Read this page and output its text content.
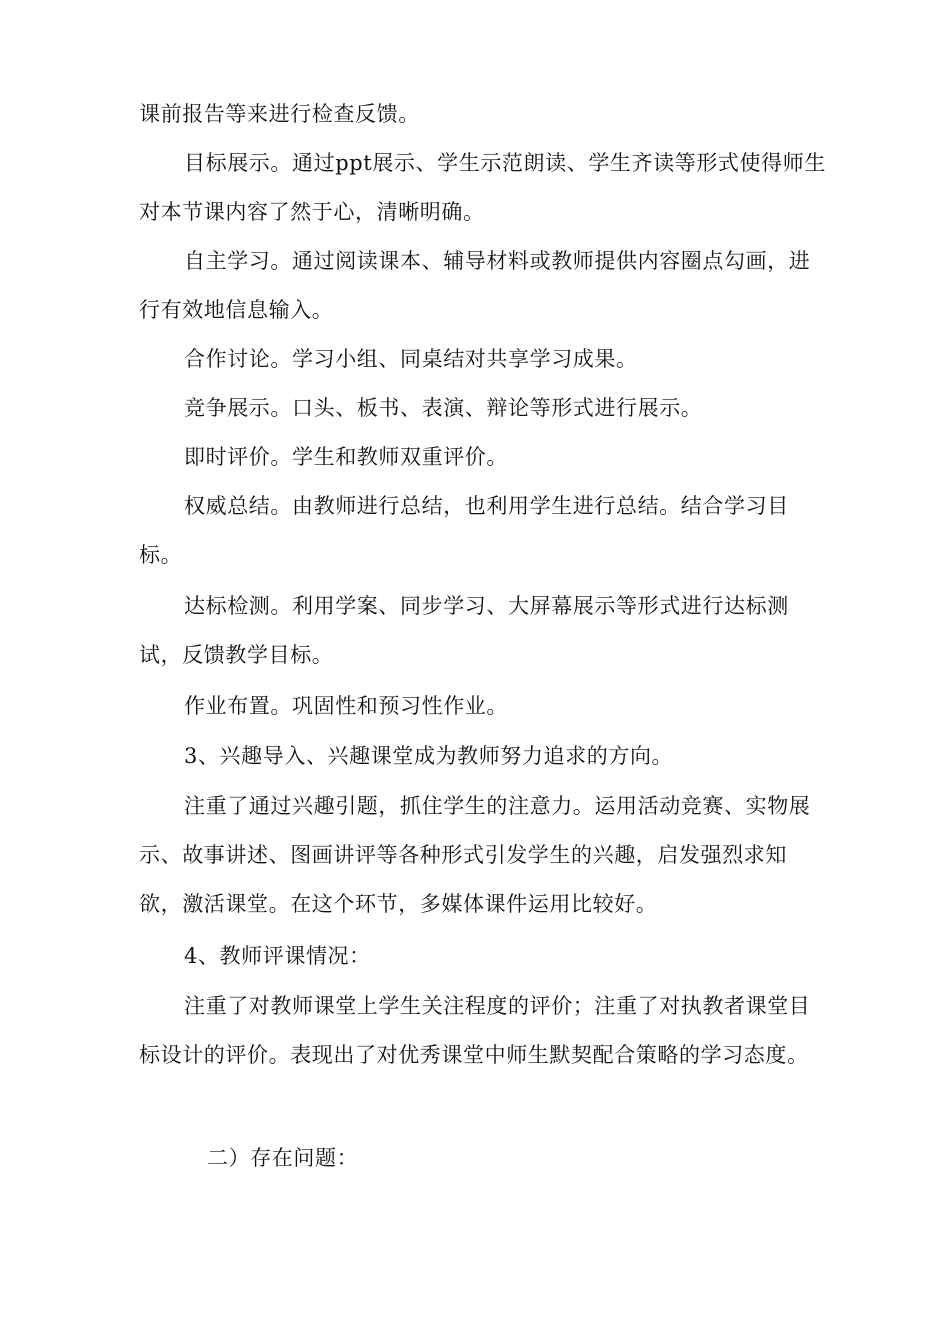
课前报告等来进行检查反馈。

目标展示。通过ppt展示、学生示范朗读、学生齐读等形式使得师生对本节课内容了然于心，清晰明确。

自主学习。通过阅读课本、辅导材料或教师提供内容圈点勾画，进行有效地信息输入。

合作讨论。学习小组、同桌结对共享学习成果。

竞争展示。口头、板书、表演、辩论等形式进行展示。

即时评价。学生和教师双重评价。

权威总结。由教师进行总结，也利用学生进行总结。结合学习目标。

达标检测。利用学案、同步学习、大屏幕展示等形式进行达标测试，反馈教学目标。

作业布置。巩固性和预习性作业。

3、兴趣导入、兴趣课堂成为教师努力追求的方向。

注重了通过兴趣引题，抓住学生的注意力。运用活动竞赛、实物展示、故事讲述、图画讲评等各种形式引发学生的兴趣，启发强烈求知欲，激活课堂。在这个环节，多媒体课件运用比较好。

4、教师评课情况：

注重了对教师课堂上学生关注程度的评价；注重了对执教者课堂目标设计的评价。表现出了对优秀课堂中师生默契配合策略的学习态度。

二）存在问题：
